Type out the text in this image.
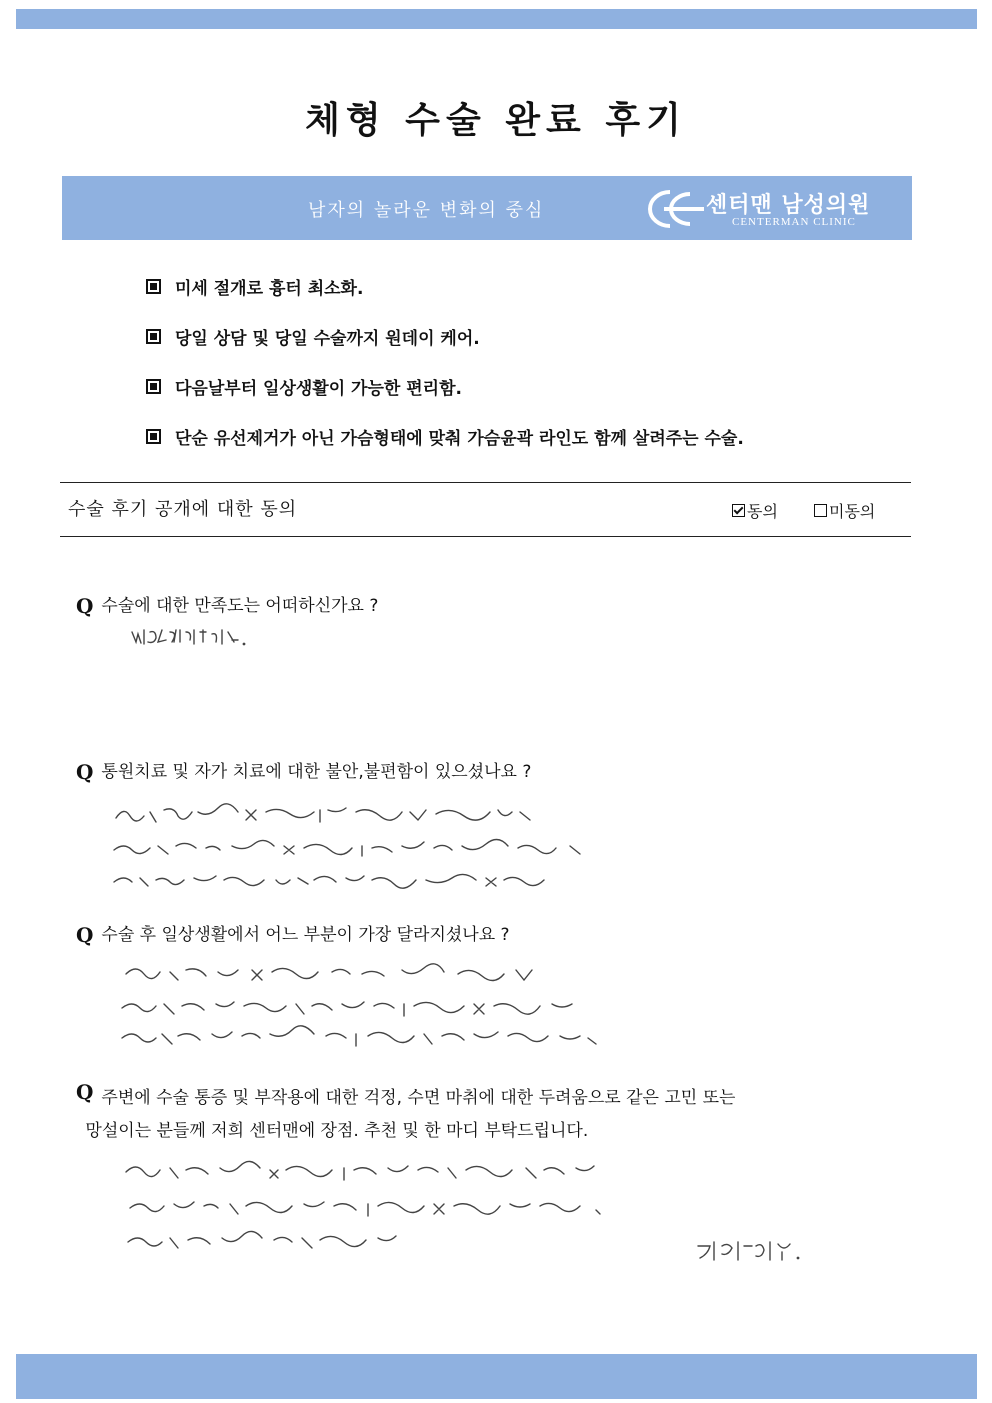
체형 수술 완료 후기
남자의 놀라운 변화의 중심	센터맨 남성의원
CENTERMAN CLINIC
미세 절개로 흉터 최소화.
당일 상담 및 당일 수술까지 원데이 케어.
다음날부터 일상생활이 가능한 편리함.
단순 유선제거가 아닌 가슴형태에 맞춰 가슴윤곽 라인도 함께 살려주는 수술.
수술 후기 공개에 대한 동의	동의	미동의
Q 수술에 대한 만족도는 어떠하신가요 ?
Q 통원치료 및 자가 치료에 대한 불안,불편함이 있으셨나요 ?
Q 수술 후 일상생활에서 어느 부분이 가장 달라지셨나요 ?
Q 주변에 수술 통증 및 부작용에 대한 걱정, 수면 마취에 대한 두려움으로 같은 고민 또는
망설이는 분들께 저희 센터맨에 장점. 추천 및 한 마디 부탁드립니다.
